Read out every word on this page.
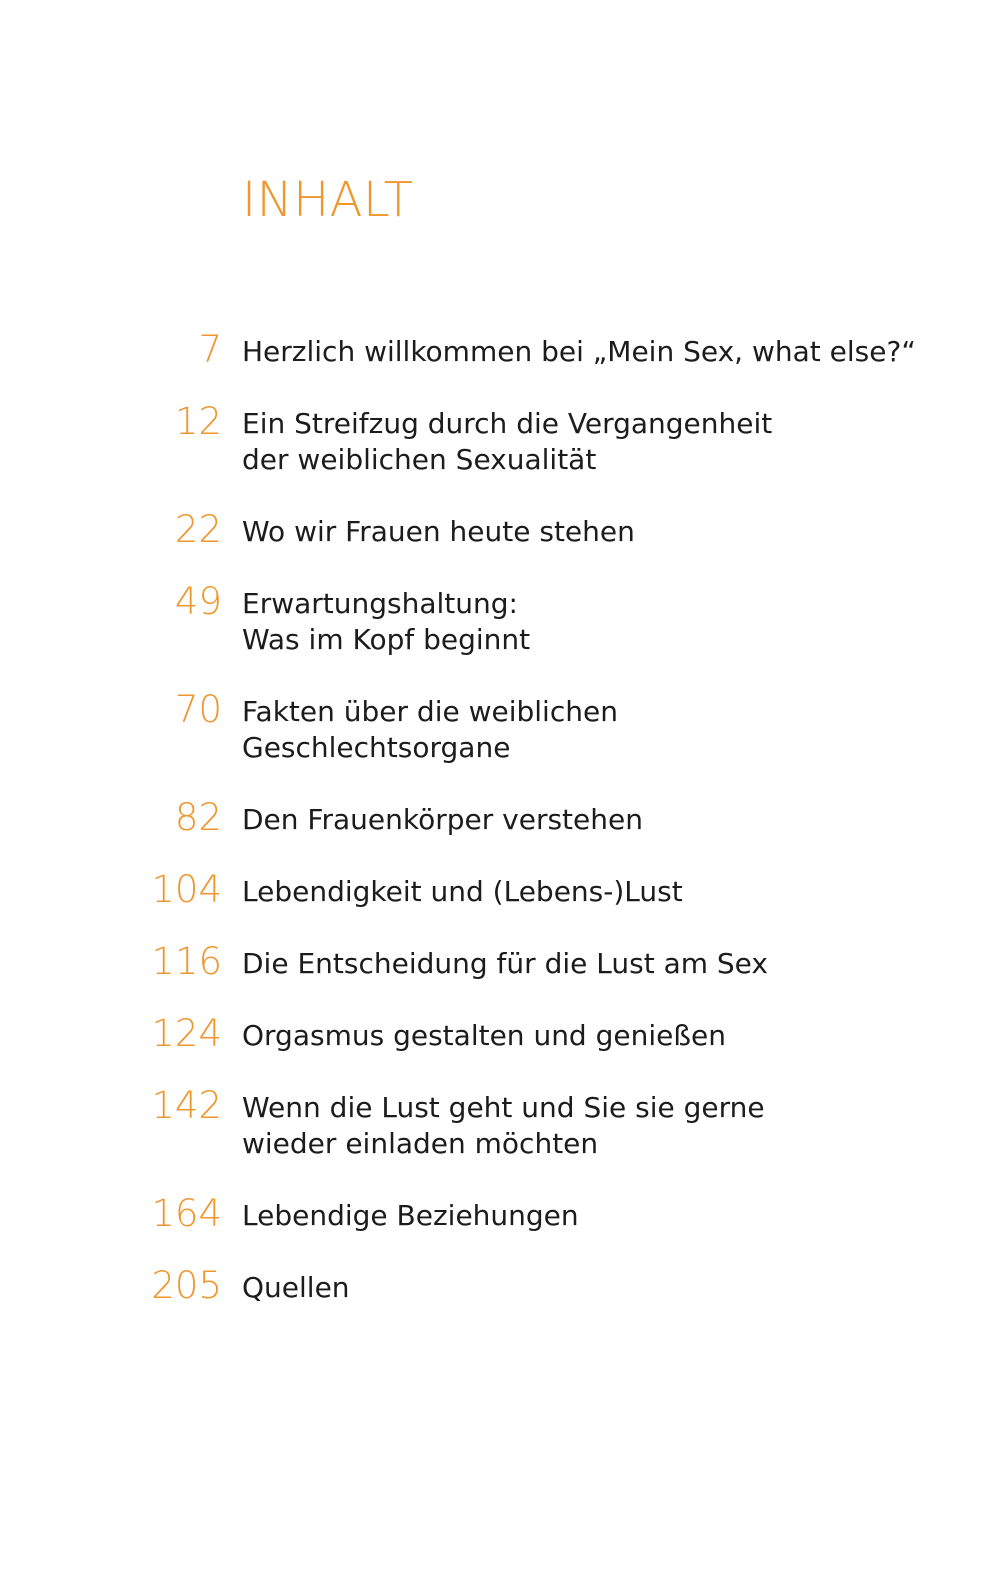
INHALT
7 Herzlich willkommen bei „Mein Sex, what else?“
12 Ein Streifzug durch die Vergangenheit
der weiblichen Sexualität
22 Wo wir Frauen heute stehen
49 Erwartungshaltung:
Was im Kopf beginnt
70 Fakten über die weiblichen
Geschlechtsorgane
82 Den Frauenkörper verstehen
104 Lebendigkeit und (Lebens-)Lust
116 Die Entscheidung für die Lust am Sex
124 Orgasmus gestalten und genießen
142 Wenn die Lust geht und Sie sie gerne
wieder einladen möchten
164 Lebendige Beziehungen
205 Quellen
